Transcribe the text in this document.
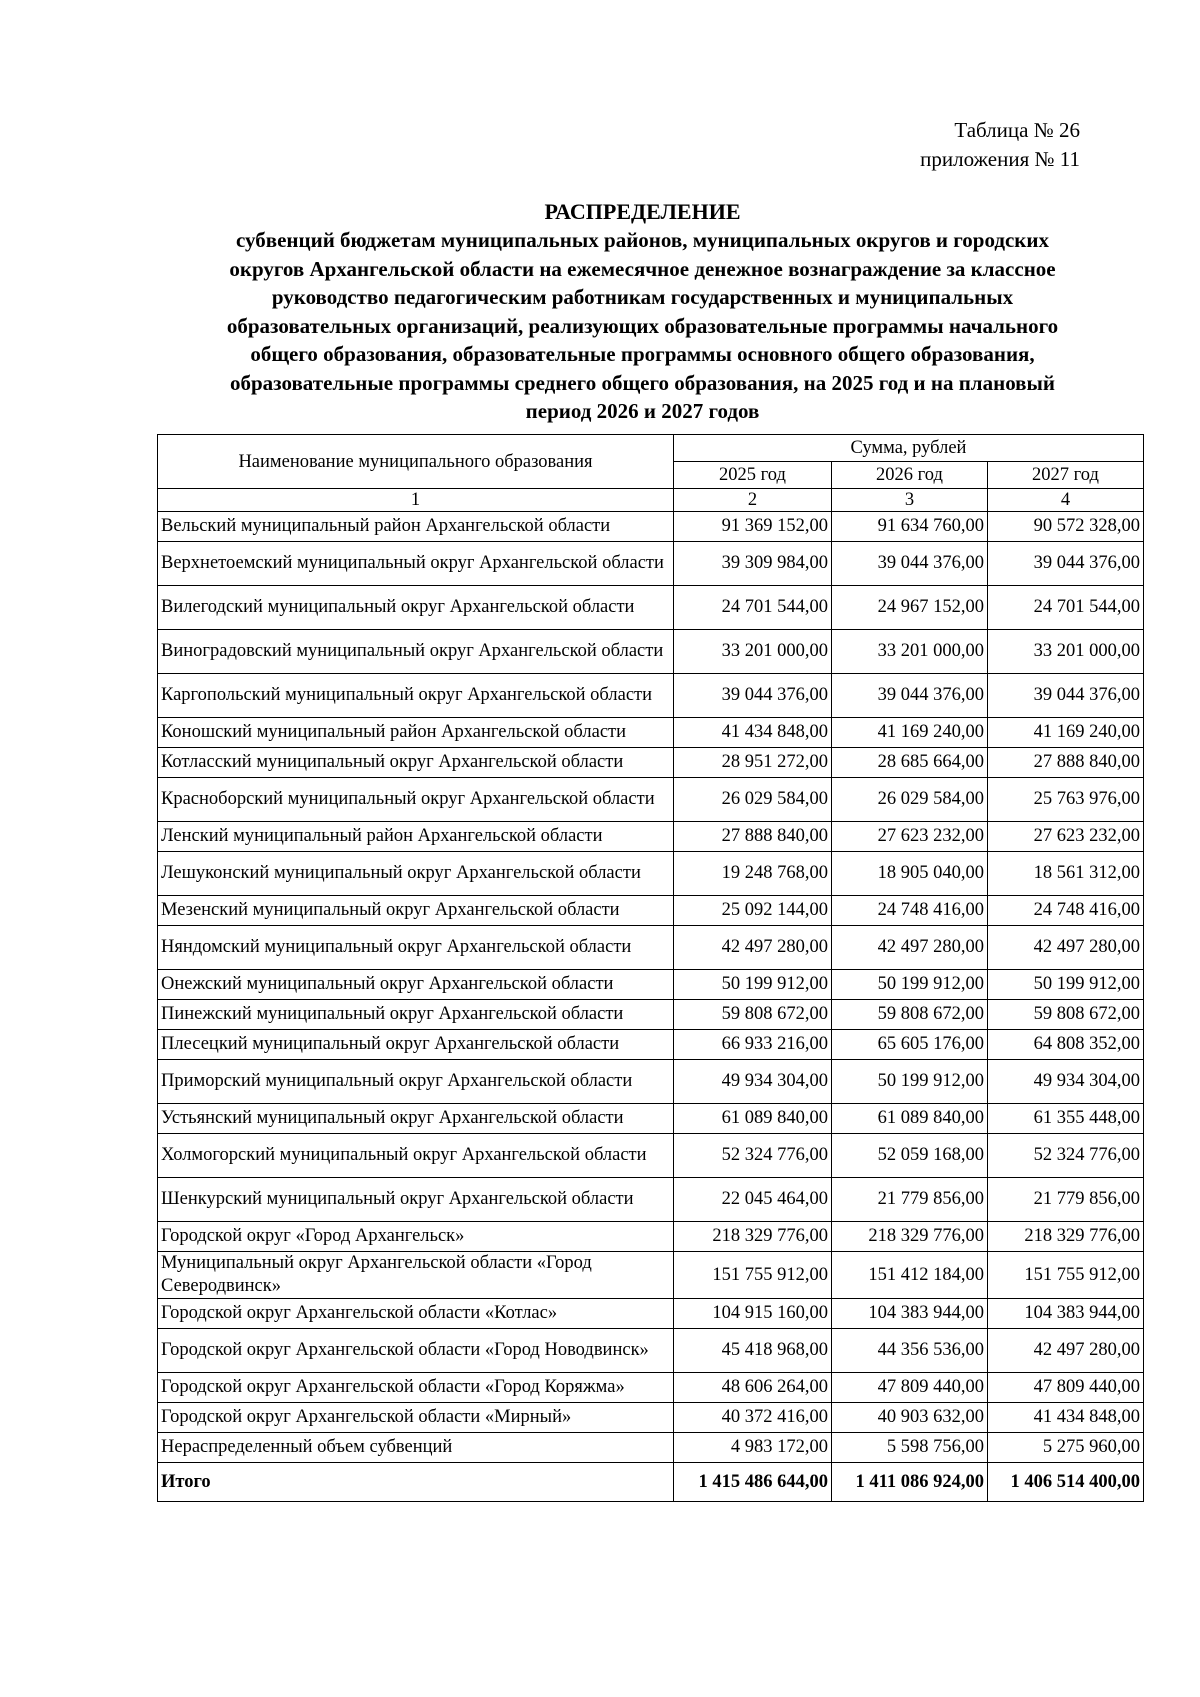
Таблица № 26
приложения № 11
РАСПРЕДЕЛЕНИЕ
субвенций бюджетам муниципальных районов, муниципальных округов и городских
округов Архангельской области на ежемесячное денежное вознаграждение за классное
руководство педагогическим работникам государственных и муниципальных
образовательных организаций, реализующих образовательные программы начального
общего образования, образовательные программы основного общего образования,
образовательные программы среднего общего образования, на 2025 год и на плановый
период 2026 и 2027 годов
Наименование муниципального образования	Сумма, рублей		
	2025 год	2026 год	2027 год
1	2	3	4
Вельский муниципальный район Архангельской области	91 369 152,00	91 634 760,00	90 572 328,00
Верхнетоемский муниципальный округ Архангельской области	39 309 984,00	39 044 376,00	39 044 376,00
Вилегодский муниципальный округ Архангельской области	24 701 544,00	24 967 152,00	24 701 544,00
Виноградовский муниципальный округ Архангельской области	33 201 000,00	33 201 000,00	33 201 000,00
Каргопольский муниципальный округ Архангельской области	39 044 376,00	39 044 376,00	39 044 376,00
Коношский муниципальный район Архангельской области	41 434 848,00	41 169 240,00	41 169 240,00
Котласский муниципальный округ Архангельской области	28 951 272,00	28 685 664,00	27 888 840,00
Красноборский муниципальный округ Архангельской области	26 029 584,00	26 029 584,00	25 763 976,00
Ленский муниципальный район Архангельской области	27 888 840,00	27 623 232,00	27 623 232,00
Лешуконский муниципальный округ Архангельской области	19 248 768,00	18 905 040,00	18 561 312,00
Мезенский муниципальный округ Архангельской области	25 092 144,00	24 748 416,00	24 748 416,00
Няндомский муниципальный округ Архангельской области	42 497 280,00	42 497 280,00	42 497 280,00
Онежский муниципальный округ Архангельской области	50 199 912,00	50 199 912,00	50 199 912,00
Пинежский муниципальный округ Архангельской области	59 808 672,00	59 808 672,00	59 808 672,00
Плесецкий муниципальный округ Архангельской области	66 933 216,00	65 605 176,00	64 808 352,00
Приморский муниципальный округ Архангельской области	49 934 304,00	50 199 912,00	49 934 304,00
Устьянский муниципальный округ Архангельской области	61 089 840,00	61 089 840,00	61 355 448,00
Холмогорский муниципальный округ Архангельской области	52 324 776,00	52 059 168,00	52 324 776,00
Шенкурский муниципальный округ Архангельской области	22 045 464,00	21 779 856,00	21 779 856,00
Городской округ «Город Архангельск»	218 329 776,00	218 329 776,00	218 329 776,00
Муниципальный округ Архангельской области «Город Северодвинск»	151 755 912,00	151 412 184,00	151 755 912,00
Городской округ Архангельской области «Котлас»	104 915 160,00	104 383 944,00	104 383 944,00
Городской округ Архангельской области «Город Новодвинск»	45 418 968,00	44 356 536,00	42 497 280,00
Городской округ Архангельской области «Город Коряжма»	48 606 264,00	47 809 440,00	47 809 440,00
Городской округ Архангельской области «Мирный»	40 372 416,00	40 903 632,00	41 434 848,00
Нераспределенный объем субвенций	4 983 172,00	5 598 756,00	5 275 960,00
Итого	1 415 486 644,00	1 411 086 924,00	1 406 514 400,00
